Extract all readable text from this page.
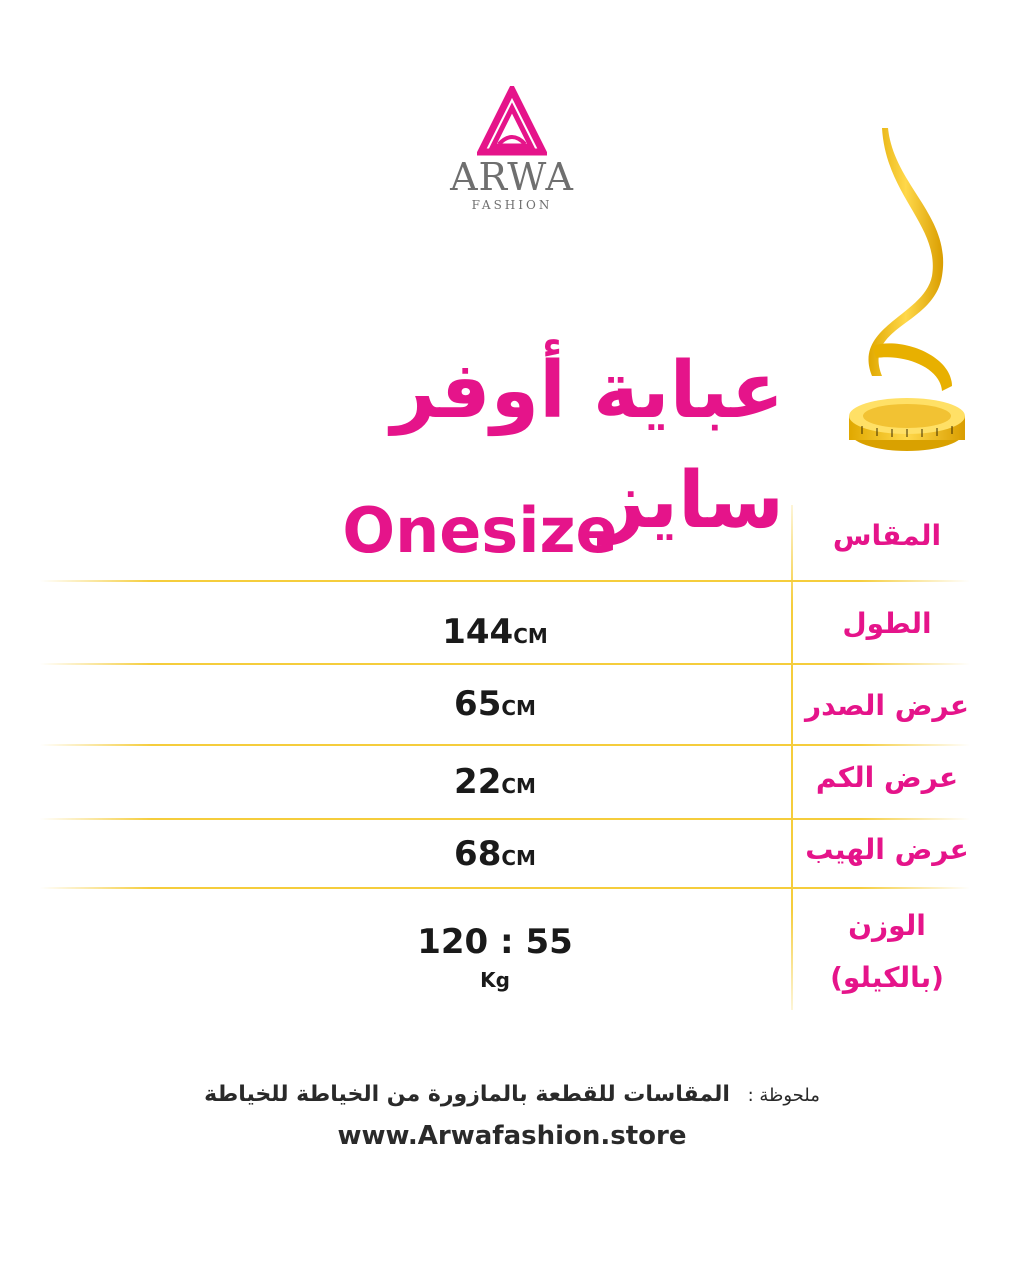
ARWA
FASHION
عباية أوفر سايز	المقاس
Onesize
الطول
144CM
عرض الصدر
65CM
عرض الكم
22CM
عرض الهيب
68CM
الوزن
(بالكيلو)
120 : 55
Kg
ملحوظة : المقاسات للقطعة بالمازورة من الخياطة للخياطة
www.Arwafashion.store
